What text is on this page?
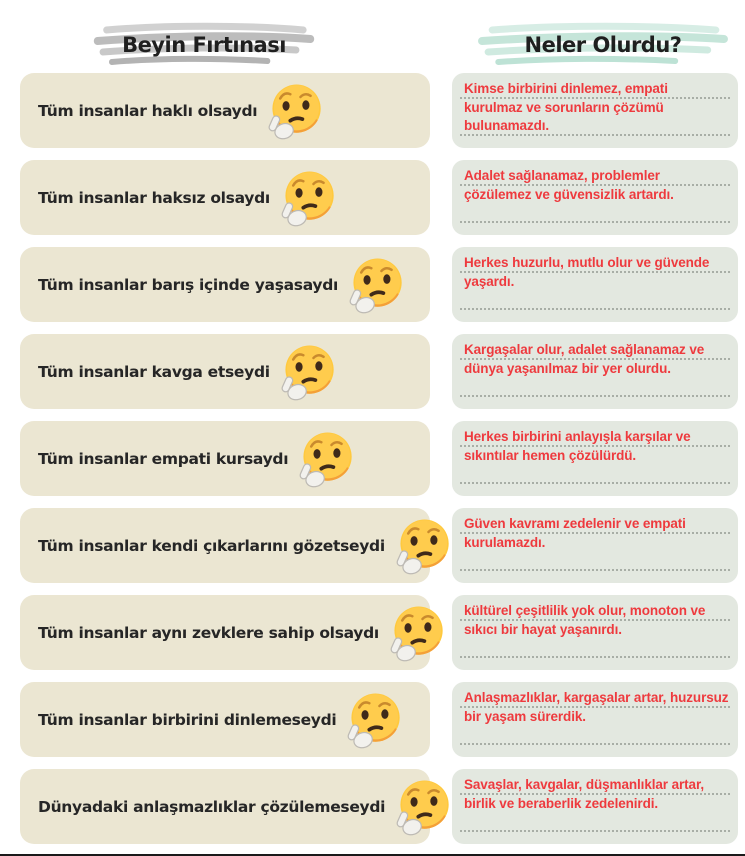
Beyin Fırtınası	Neler Olurdu?
Tüm insanlar haklı olsaydı
Kimse birbirini dinlemez, empati
kurulmaz ve sorunların çözümü
bulunamazdı.
Tüm insanlar haksız olsaydı
Adalet sağlanamaz, problemler
çözülemez ve güvensizlik artardı.
Tüm insanlar barış içinde yaşasaydı
Herkes huzurlu, mutlu olur ve güvende
yaşardı.
Tüm insanlar kavga etseydi
Kargaşalar olur, adalet sağlanamaz ve
dünya yaşanılmaz bir yer olurdu.
Tüm insanlar empati kursaydı
Herkes birbirini anlayışla karşılar ve
sıkıntılar hemen çözülürdü.
Tüm insanlar kendi çıkarlarını gözetseydi
Güven kavramı zedelenir ve empati
kurulamazdı.
Tüm insanlar aynı zevklere sahip olsaydı
kültürel çeşitlilik yok olur, monoton ve
sıkıcı bir hayat yaşanırdı.
Tüm insanlar birbirini dinlemeseydi
Anlaşmazlıklar, kargaşalar artar, huzursuz
bir yaşam sürerdik.
Dünyadaki anlaşmazlıklar çözülemeseydi
Savaşlar, kavgalar, düşmanlıklar artar,
birlik ve beraberlik zedelenirdi.
